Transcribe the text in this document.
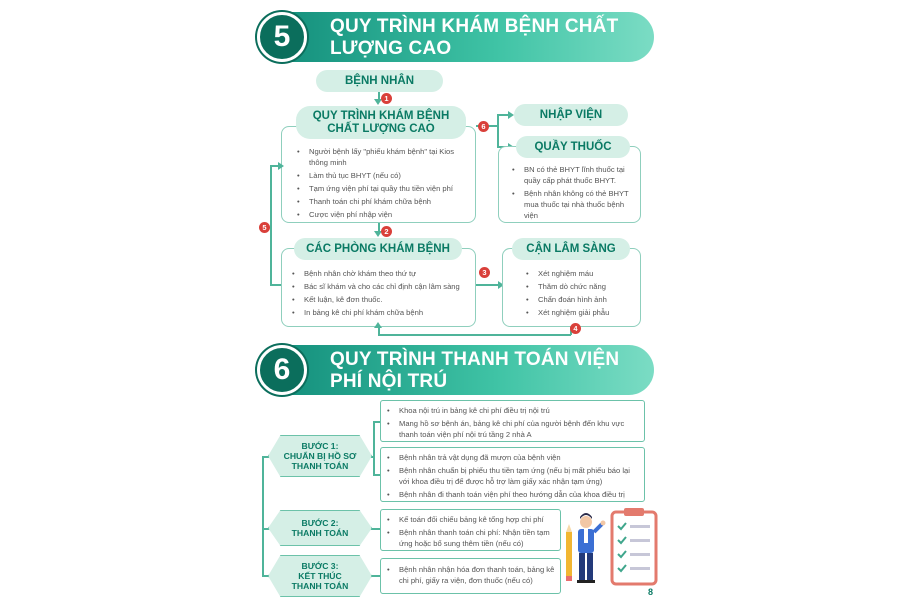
5	QUY TRÌNH KHÁM BỆNH CHẤT
LƯỢNG CAO
BỆNH NHÂN
1
QUY TRÌNH KHÁM BỆNH
CHẤT LƯỢNG CAO
• Người bệnh lấy "phiếu khám bệnh" tại Kios thông minh
• Làm thủ tục BHYT (nếu có)
• Tạm ứng viện phí tại quầy thu tiền viện phí
• Thanh toán chi phí khám chữa bệnh
• Cược viện phí nhập viện
6
NHẬP VIỆN
QUẦY THUỐC
• BN có thẻ BHYT lĩnh thuốc tại quầy cấp phát thuốc BHYT.
• Bệnh nhân không có thẻ BHYT mua thuốc tại nhà thuốc bệnh viện
2
CÁC PHÒNG KHÁM BỆNH
• Bệnh nhân chờ khám theo thứ tự
• Bác sĩ khám và cho các chỉ định cận lâm sàng
• Kết luận, kê đơn thuốc.
• In bảng kê chi phí khám chữa bệnh
3
CẬN LÂM SÀNG
• Xét nghiệm máu
• Thăm dò chức năng
• Chẩn đoán hình ảnh
• Xét nghiệm giải phẫu
4
5
6	QUY TRÌNH THANH TOÁN VIỆN
PHÍ NỘI TRÚ
BƯỚC 1:
CHUẨN BỊ HỒ SƠ
THANH TOÁN
• Khoa nội trú in bảng kê chi phí điều trị nội trú
• Mang hồ sơ bệnh án, bảng kê chi phí của người bệnh đến khu vực thanh toán viện phí nội trú tầng 2 nhà A
• Bệnh nhân trả vật dụng đã mượn của bệnh viện
• Bệnh nhân chuẩn bị phiếu thu tiền tạm ứng (nếu bị mất phiếu báo lại với khoa điều trị để được hỗ trợ làm giấy xác nhận tạm ứng)
• Bệnh nhân đi thanh toán viện phí theo hướng dẫn của khoa điều trị
BƯỚC 2:
THANH TOÁN
• Kế toán đối chiếu bảng kê tổng hợp chi phí
• Bệnh nhân thanh toán chi phí: Nhận tiền tạm ứng hoặc bổ sung thêm tiền (nếu có)
BƯỚC 3:
KẾT THÚC
THANH TOÁN
• Bệnh nhân nhận hóa đơn thanh toán, bảng kê chi phí, giấy ra viện, đơn thuốc (nếu có)
8
